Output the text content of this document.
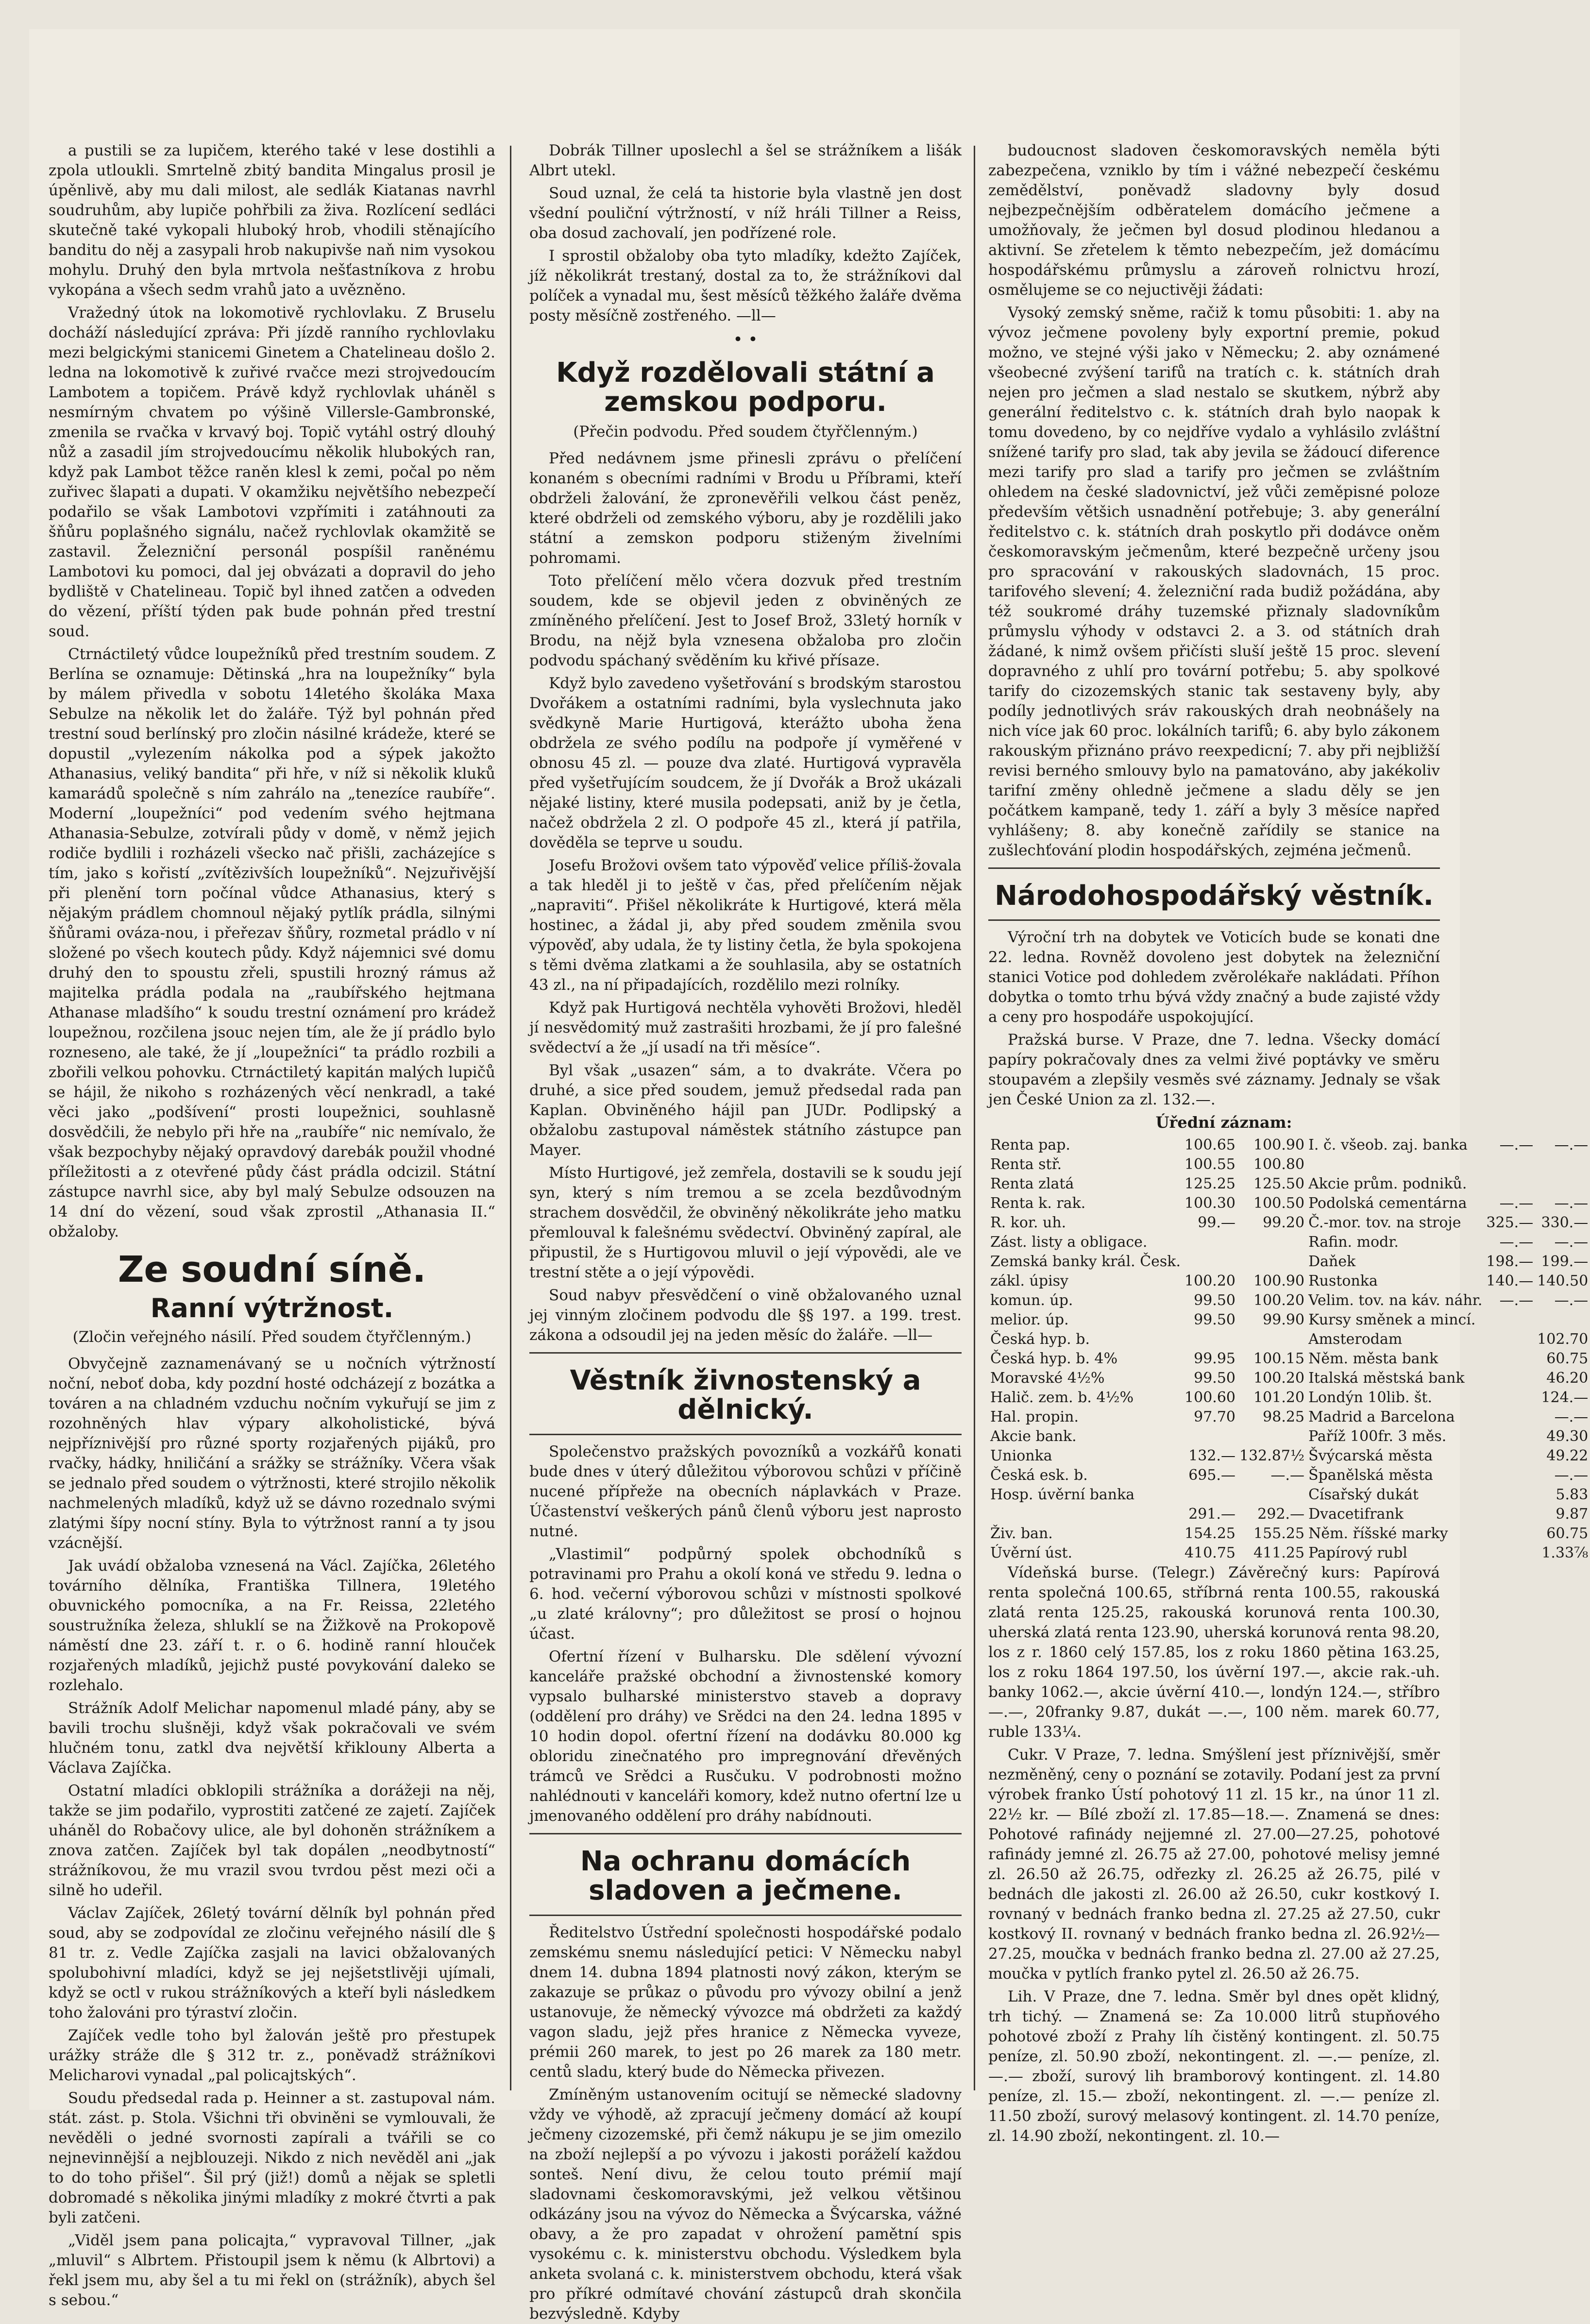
a pustili se za lupičem, kterého také v lese dostihli a zpola utloukli. Smrtelně zbitý bandita Mingalus prosil je úpěnlivě, aby mu dali milost, ale sedlák Kiatanas navrhl soudruhům, aby lupiče pohřbili za živa. Rozlícení sedláci skutečně také vykopali hluboký hrob, vhodili stěnajícího banditu do něj a zasypali hrob nakupivše naň nim vysokou mohylu. Druhý den byla mrtvola nešťastníkova z hrobu vykopána a všech sedm vrahů jato a uvězněno.

Vražedný útok na lokomotivě rychlovlaku. Z Bruselu docháží následující zpráva: Při jízdě ranního rychlovlaku mezi belgickými stanicemi Ginetem a Chatelineau došlo 2. ledna na lokomotivě k zuřivé rvačce mezi strojvedoucím Lambotem a topičem. Právě když rychlovlak uháněl s nesmírným chvatem po výšině Villersle-Gambronské, zmenila se rvačka v krvavý boj. Topič vytáhl ostrý dlouhý nůž a zasadil jím strojvedoucímu několik hlubokých ran, když pak Lambot těžce raněn klesl k zemi, počal po něm zuřivec šlapati a dupati. V okamžiku největšího nebezpečí podařilo se však Lambotovi vzpřímiti i zatáhnouti za šňůru poplašného signálu, načež rychlovlak okamžitě se zastavil. Železniční personál pospíšil raněnému Lambotovi ku pomoci, dal jej obvázati a dopravil do jeho bydliště v Chatelineau. Topič byl ihned zatčen a odveden do vězení, příští týden pak bude pohnán před trestní soud.

Ctrnáctiletý vůdce loupežníků před trestním soudem. Z Berlína se oznamuje: Dětinská „hra na loupežníky“ byla by málem přivedla v sobotu 14letého školáka Maxa Sebulze na několik let do žaláře. Týž byl pohnán před trestní soud berlínský pro zločin násilné krádeže, které se dopustil „vylezením nákolka pod a sýpek jakožto Athanasius, veliký bandita“ při hře, v níž si několik kluků kamarádů společně s ním zahrálo na „tenezíce raubíře“. Moderní „loupežníci“ pod vedením svého hejtmana Athanasia-Sebulze, zotvírali půdy v domě, v němž jejich rodiče bydlili i rozházeli všecko nač přišli, zacházejíce s tím, jako s kořistí „zvítězivších loupežníků“. Nejzuřivější při plenění torn počínal vůdce Athanasius, který s nějakým prádlem chomnoul nějaký pytlík prádla, silnými šňůrami ováza-nou, i přeřezav šňůry, rozmetal prádlo v ní složené po všech koutech půdy. Když nájemnici své domu druhý den to spoustu zřeli, spustili hrozný rámus až majitelka prádla podala na „raubířského hejtmana Athanase mladšího“ k soudu trestní oznámení pro krádež loupežnou, rozčilena jsouc nejen tím, ale že jí prádlo bylo rozneseno, ale také, že jí „loupežníci“ ta prádlo rozbili a zbořili velkou pohovku. Ctrnáctiletý kapitán malých lupičů se hájil, že nikoho s rozházených věcí nenkradl, a také věci jako „podšívení“ prosti loupežnici, souhlasně dosvědčili, že nebylo při hře na „raubíře“ nic nemívalo, že však bezpochyby nějaký opravdový darebák použil vhodné příležitosti a z otevřené půdy část prádla odcizil. Státní zástupce navrhl sice, aby byl malý Sebulze odsouzen na 14 dní do vězení, soud však zprostil „Athanasia II.“ obžaloby.

Ze soudní síně.
Ranní výtržnost.

(Zločin veřejného násilí. Před soudem čtyřčlenným.)

Obvyčejně zaznamenávaný se u nočních výtržností noční, neboť doba, kdy pozdní hosté odcházejí z bozátka a továren a na chladném vzduchu nočním vykuřují se jim z rozohněných hlav výpary alkoholistické, bývá nejpříznivější pro různé sporty rozjařených pijáků, pro rvačky, hádky, hniličání a srážky se strážníky. Včera však se jednalo před soudem o výtržnosti, které strojilo několik nachmelených mladíků, když už se dávno rozednalo svými zlatými šípy nocní stíny. Byla to výtržnost ranní a ty jsou vzácnější.

Jak uvádí obžaloba vznesená na Václ. Zajíčka, 26letého továrního dělníka, Františka Tillnera, 19letého obuvnického pomocníka, a na Fr. Reissa, 22letého soustružníka železa, shluklí se na Žižkově na Prokopově náměstí dne 23. září t. r. o 6. hodině ranní hlouček rozjařených mladíků, jejichž pusté povykování daleko se rozlehalo.

Strážník Adolf Melichar napomenul mladé pány, aby se bavili trochu slušněji, když však pokračovali ve svém hlučném tonu, zatkl dva největší křiklouny Alberta a Václava Zajíčka.

Ostatní mladíci obklopili strážníka a dorážeji na něj, takže se jim podařilo, vyprostiti zatčené ze zajetí. Zajíček uháněl do Robačovy ulice, ale byl dohoněn strážníkem a znova zatčen. Zajíček byl tak dopálen „neodbytností“ strážníkovou, že mu vrazil svou tvrdou pěst mezi oči a silně ho udeřil.

Václav Zajíček, 26letý tovární dělník byl pohnán před soud, aby se zodpovídal ze zločinu veřejného násilí dle § 81 tr. z. Vedle Zajíčka zasjali na lavici obžalovaných spolubohivní mladíci, když se jej nejšetstlivěji ujímali, když se octl v rukou strážníkových a kteří byli následkem toho žalováni pro týraství zločin.

Zajíček vedle toho byl žalován ještě pro přestupek urážky stráže dle § 312 tr. z., poněvadž strážníkovi Melicharovi vynadal „pal policajtských“.

Soudu předsedal rada p. Heinner a st. zastupoval nám. stát. zást. p. Stola. Všichni tři obviněni se vymlouvali, že nevěděli o jedné svornosti zapírali a tvářili se co nejnevinnější a nejblouzeji. Nikdo z nich nevěděl ani „jak to do toho přišel“. Šil prý (již!) domů a nějak se spletli dobromadé s několika jinými mladíky z mokré čtvrti a pak byli zatčeni.

„Viděl jsem pana policajta,“ vypravoval Tillner, „jak „mluvil“ s Albrtem. Přistoupil jsem k němu (k Albrtovi) a řekl jsem mu, aby šel a tu mi řekl on (strážník), abych šel s sebou.“

Dobrák Tillner uposlechl a šel se strážníkem a lišák Albrt utekl.

Soud uznal, že celá ta historie byla vlastně jen dost všední pouliční výtržností, v níž hráli Tillner a Reiss, oba dosud zachovalí, jen podřízené role.

I sprostil obžaloby oba tyto mladíky, kdežto Zajíček, jíž několikrát trestaný, dostal za to, že strážníkovi dal políček a vynadal mu, šest měsíců těžkého žaláře dvěma posty měsíčně zostřeného. —ll—

• •

Když rozdělovali státní a zemskou podporu.

(Přečin podvodu. Před soudem čtyřčlenným.)

Před nedávnem jsme přinesli zprávu o přelíčení konaném s obecními radními v Brodu u Příbrami, kteří obdrželi žalování, že zpronevěřili velkou část peněz, které obdrželi od zemského výboru, aby je rozdělili jako státní a zemskon podporu stiženým živelními pohromami.

Toto přelíčení mělo včera dozvuk před trestním soudem, kde se objevil jeden z obviněných ze zmíněného přelíčení. Jest to Josef Brož, 33letý horník v Brodu, na nějž byla vznesena obžaloba pro zločin podvodu spáchaný svěděním ku křivé přísaze.

Když bylo zavedeno vyšetřování s brodským starostou Dvořákem a ostatními radními, byla vyslechnuta jako svědkyně Marie Hurtigová, kterážto uboha žena obdržela ze svého podílu na podpoře jí vyměřené v obnosu 45 zl. — pouze dva zlaté. Hurtigová vypravěla před vyšetřujícím soudcem, že jí Dvořák a Brož ukázali nějaké listiny, které musila podepsati, aniž by je četla, načež obdržela 2 zl. O podpoře 45 zl., která jí patřila, dověděla se teprve u soudu.

Josefu Brožovi ovšem tato výpověď velice příliš-žovala a tak hleděl ji to ještě v čas, před přelíčením nějak „napraviti“. Přišel několikráte k Hurtigové, která měla hostinec, a žádal ji, aby před soudem změnila svou výpověď, aby udala, že ty listiny četla, že byla spokojena s těmi dvěma zlatkami a že souhlasila, aby se ostatních 43 zl., na ní připadajících, rozdělilo mezi rolníky.

Když pak Hurtigová nechtěla vyhověti Brožovi, hleděl jí nesvědomitý muž zastrašiti hrozbami, že jí pro falešné svědectví a že „jí usadí na tři měsíce“.

Byl však „usazen“ sám, a to dvakráte. Včera po druhé, a sice před soudem, jemuž předsedal rada pan Kaplan. Obviněného hájil pan JUDr. Podlipský a obžalobu zastupoval náměstek státního zástupce pan Mayer.

Místo Hurtigové, jež zemřela, dostavili se k soudu její syn, který s ním tremou a se zcela bezdůvodným strachem dosvědčil, že obviněný několikráte jeho matku přemlouval k falešnému svědectví. Obviněný zapíral, ale připustil, že s Hurtigovou mluvil o její výpovědi, ale ve trestní stěte a o její výpovědi.

Soud nabyv přesvědčení o vině obžalovaného uznal jej vinným zločinem podvodu dle §§ 197. a 199. trest. zákona a odsoudil jej na jeden měsíc do žaláře. —ll—

Věstník živnostenský a dělnický.

Společenstvo pražských povozníků a vozkářů konati bude dnes v úterý důležitou výborovou schůzi v příčině nucené přípřeže na obecních náplavkách v Praze. Účastenství veškerých pánů členů výboru jest naprosto nutné.

„Vlastimil“ podpůrný spolek obchodníků s potravinami pro Prahu a okolí koná ve středu 9. ledna o 6. hod. večerní výborovou schůzi v místnosti spolkové „u zlaté královny“; pro důležitost se prosí o hojnou účast.

Ofertní řízení v Bulharsku. Dle sdělení vývozní kanceláře pražské obchodní a živnostenské komory vypsalo bulharské ministerstvo staveb a dopravy (oddělení pro dráhy) ve Srědci na den 24. ledna 1895 v 10 hodin dopol. ofertní řízení na dodávku 80.000 kg obloridu zinečnatého pro impregnování dřevěných trámců ve Srědci a Rusčuku. V podrobnosti možno nahlédnouti v kanceláři komory, kdež nutno ofertní lze u jmenovaného oddělení pro dráhy nabídnouti.

Na ochranu domácích sladoven a ječmene.

Ředitelstvo Ústřední společnosti hospodářské podalo zemskému snemu následující petici: V Německu nabyl dnem 14. dubna 1894 platnosti nový zákon, kterým se zakazuje se průkaz o původu pro vývozy obilní a jenž ustanovuje, že německý vývozce má obdržeti za každý vagon sladu, jejž přes hranice z Německa vyveze, prémii 260 marek, to jest po 26 marek za 180 metr. centů sladu, který bude do Německa přivezen.

Zmíněným ustanovením ocitují se německé sladovny vždy ve výhodě, až zpracují ječmeny domácí až koupí ječmeny cizozemské, při čemž nákupu je se jim omezilo na zboží nejlepší a po vývozu i jakosti poráželí každou sonteš. Není divu, že celou touto prémií mají sladovnami českomoravskými, jež velkou většinou odkázány jsou na vývoz do Německa a Švýcarska, vážné obavy, a že pro zapadat v ohrožení pamětní spis vysokému c. k. ministerstvu obchodu. Výsledkem byla anketa svolaná c. k. ministerstvem obchodu, která však pro příkré odmítavé chování zástupců drah skončila bezvýsledně. Kdyby

budoucnost sladoven českomoravských neměla býti zabezpečena, vzniklo by tím i vážné nebezpečí českému zemědělství, poněvadž sladovny byly dosud nejbezpečnějším odběratelem domácího ječmene a umožňovaly, že ječmen byl dosud plodinou hledanou a aktivní. Se zřetelem k těmto nebezpečím, jež domácímu hospodářskému průmyslu a zároveň rolnictvu hrozí, osmělujeme se co nejuctivěji žádati:

Vysoký zemský sněme, račiž k tomu působiti: 1. aby na vývoz ječmene povoleny byly exportní premie, pokud možno, ve stejné výši jako v Německu; 2. aby oznámené všeobecné zvýšení tarifů na tratích c. k. státních drah nejen pro ječmen a slad nestalo se skutkem, nýbrž aby generální ředitelstvo c. k. státních drah bylo naopak k tomu dovedeno, by co nejdříve vydalo a vyhlásilo zvláštní snížené tarify pro slad, tak aby jevila se žádoucí diference mezi tarify pro slad a tarify pro ječmen se zvláštním ohledem na české sladovnictví, jež vůči zeměpisné poloze především většich usnadnění potřebuje; 3. aby generální ředitelstvo c. k. státních drah poskytlo při dodávce oněm českomoravským ječmenům, které bezpečně určeny jsou pro spracování v rakouských sladovnách, 15 proc. tarifového slevení; 4. železniční rada budiž požádána, aby též soukromé dráhy tuzemské přiznaly sladovníkům průmyslu výhody v odstavci 2. a 3. od státních drah žádané, k nimž ovšem přičísti sluší ještě 15 proc. slevení dopravného z uhlí pro tovární potřebu; 5. aby spolkové tarify do cizozemských stanic tak sestaveny byly, aby podíly jednotlivých sráv rakouských drah neobnášely na nich více jak 60 proc. lokálních tarifů; 6. aby bylo zákonem rakouským přiznáno právo reexpedicní; 7. aby při nejbližší revisi berného smlouvy bylo na pamatováno, aby jakékoliv tarifní změny ohledně ječmene a sladu děly se jen počátkem kampaně, tedy 1. září a byly 3 měsíce napřed vyhlášeny; 8. aby konečně zařídily se stanice na zušlechťování plodin hospodářských, zejména ječmenů.

Národohospodářský věstník.

Výroční trh na dobytek ve Voticích bude se konati dne 22. ledna. Rovněž dovoleno jest dobytek na železniční stanici Votice pod dohledem zvěrolékaře nakládati. Příhon dobytka o tomto trhu bývá vždy značný a bude zajisté vždy a ceny pro hospodáře uspokojující.

Pražská burse. V Praze, dne 7. ledna. Všecky domácí papíry pokračovaly dnes za velmi živé poptávky ve směru stoupavém a zlepšily vesměs své záznamy. Jednaly se však jen České Union za zl. 132.—.

Úřední záznam:

Renta pap.	100.65	100.90	I. č. všeob. zaj. banka	—.—	—.—
Renta stř.	100.55	100.80			
Renta zlatá	125.25	125.50	Akcie prům. podniků.		
Renta k. rak.	100.30	100.50	Podolská cementárna	—.—	—.—
R. kor. uh.	99.—	99.20	Č.-mor. tov. na stroje	325.—	330.—
Zást. listy a obligace.			Rafin. modr.	—.—	—.—
Zemská banky král. Česk.			Daňek	198.—	199.—
zákl. úpisy	100.20	100.90	Rustonka	140.—	140.50
komun. úp.	99.50	100.20	Velim. tov. na káv. náhr.	—.—	—.—
melior. úp.	99.50	99.90	Kursy směnek a mincí.		
Česká hyp. b.			Amsterodam		102.70
Česká hyp. b. 4%	99.95	100.15	Něm. města bank		60.75
Moravské 4½%	99.50	100.20	Italská městská bank		46.20
Halič. zem. b. 4½%	100.60	101.20	Londýn 10lib. št.		124.—
Hal. propin.	97.70	98.25	Madrid a Barcelona		—.—
Akcie bank.			Paříž 100fr. 3 měs.		49.30
Unionka	132.—	132.87½	Švýcarská města		49.22
Česká esk. b.	695.—	—.—	Španělská města		—.—
Hosp. úvěrní banka			Císařský dukát		5.83
	291.—	292.—	Dvacetifrank		9.87
Živ. ban.	154.25	155.25	Něm. říšské marky		60.75
Úvěrní úst.	410.75	411.25	Papírový rubl		1.33⅞

Vídeňská burse. (Telegr.) Závěrečný kurs: Papírová renta společná 100.65, stříbrná renta 100.55, rakouská zlatá renta 125.25, rakouská korunová renta 100.30, uherská zlatá renta 123.90, uherská korunová renta 98.20, los z r. 1860 celý 157.85, los z roku 1860 pětina 163.25, los z roku 1864 197.50, los úvěrní 197.—, akcie rak.-uh. banky 1062.—, akcie úvěrní 410.—, londýn 124.—, stříbro —.—, 20franky 9.87, dukát —.—, 100 něm. marek 60.77, ruble 133¼.

Cukr. V Praze, 7. ledna. Smýšlení jest příznivější, směr nezměněný, ceny o poznání se zotavily. Podaní jest za první výrobek franko Ústí pohotový 11 zl. 15 kr., na únor 11 zl. 22½ kr. — Bílé zboží zl. 17.85—18.—. Znamená se dnes: Pohotové rafinády nejjemné zl. 27.00—27.25, pohotové rafinády jemné zl. 26.75 až 27.00, pohotové melisy jemné zl. 26.50 až 26.75, odřezky zl. 26.25 až 26.75, pilé v bednách dle jakosti zl. 26.00 až 26.50, cukr kostkový I. rovnaný v bednách franko bedna zl. 27.25 až 27.50, cukr kostkový II. rovnaný v bednách franko bedna zl. 26.92½—27.25, moučka v bednách franko bedna zl. 27.00 až 27.25, moučka v pytlích franko pytel zl. 26.50 až 26.75.

Lih. V Praze, dne 7. ledna. Směr byl dnes opět klidný, trh tichý. — Znamená se: Za 10.000 litrů stupňového pohotové zboží z Prahy líh čistěný kontingent. zl. 50.75 peníze, zl. 50.90 zboží, nekontingent. zl. —.— peníze, zl. —.— zboží, surový lih bramborový kontingent. zl. 14.80 peníze, zl. 15.— zboží, nekontingent. zl. —.— peníze zl. 11.50 zboží, surový melasový kontingent. zl. 14.70 peníze, zl. 14.90 zboží, nekontingent. zl. 10.—
